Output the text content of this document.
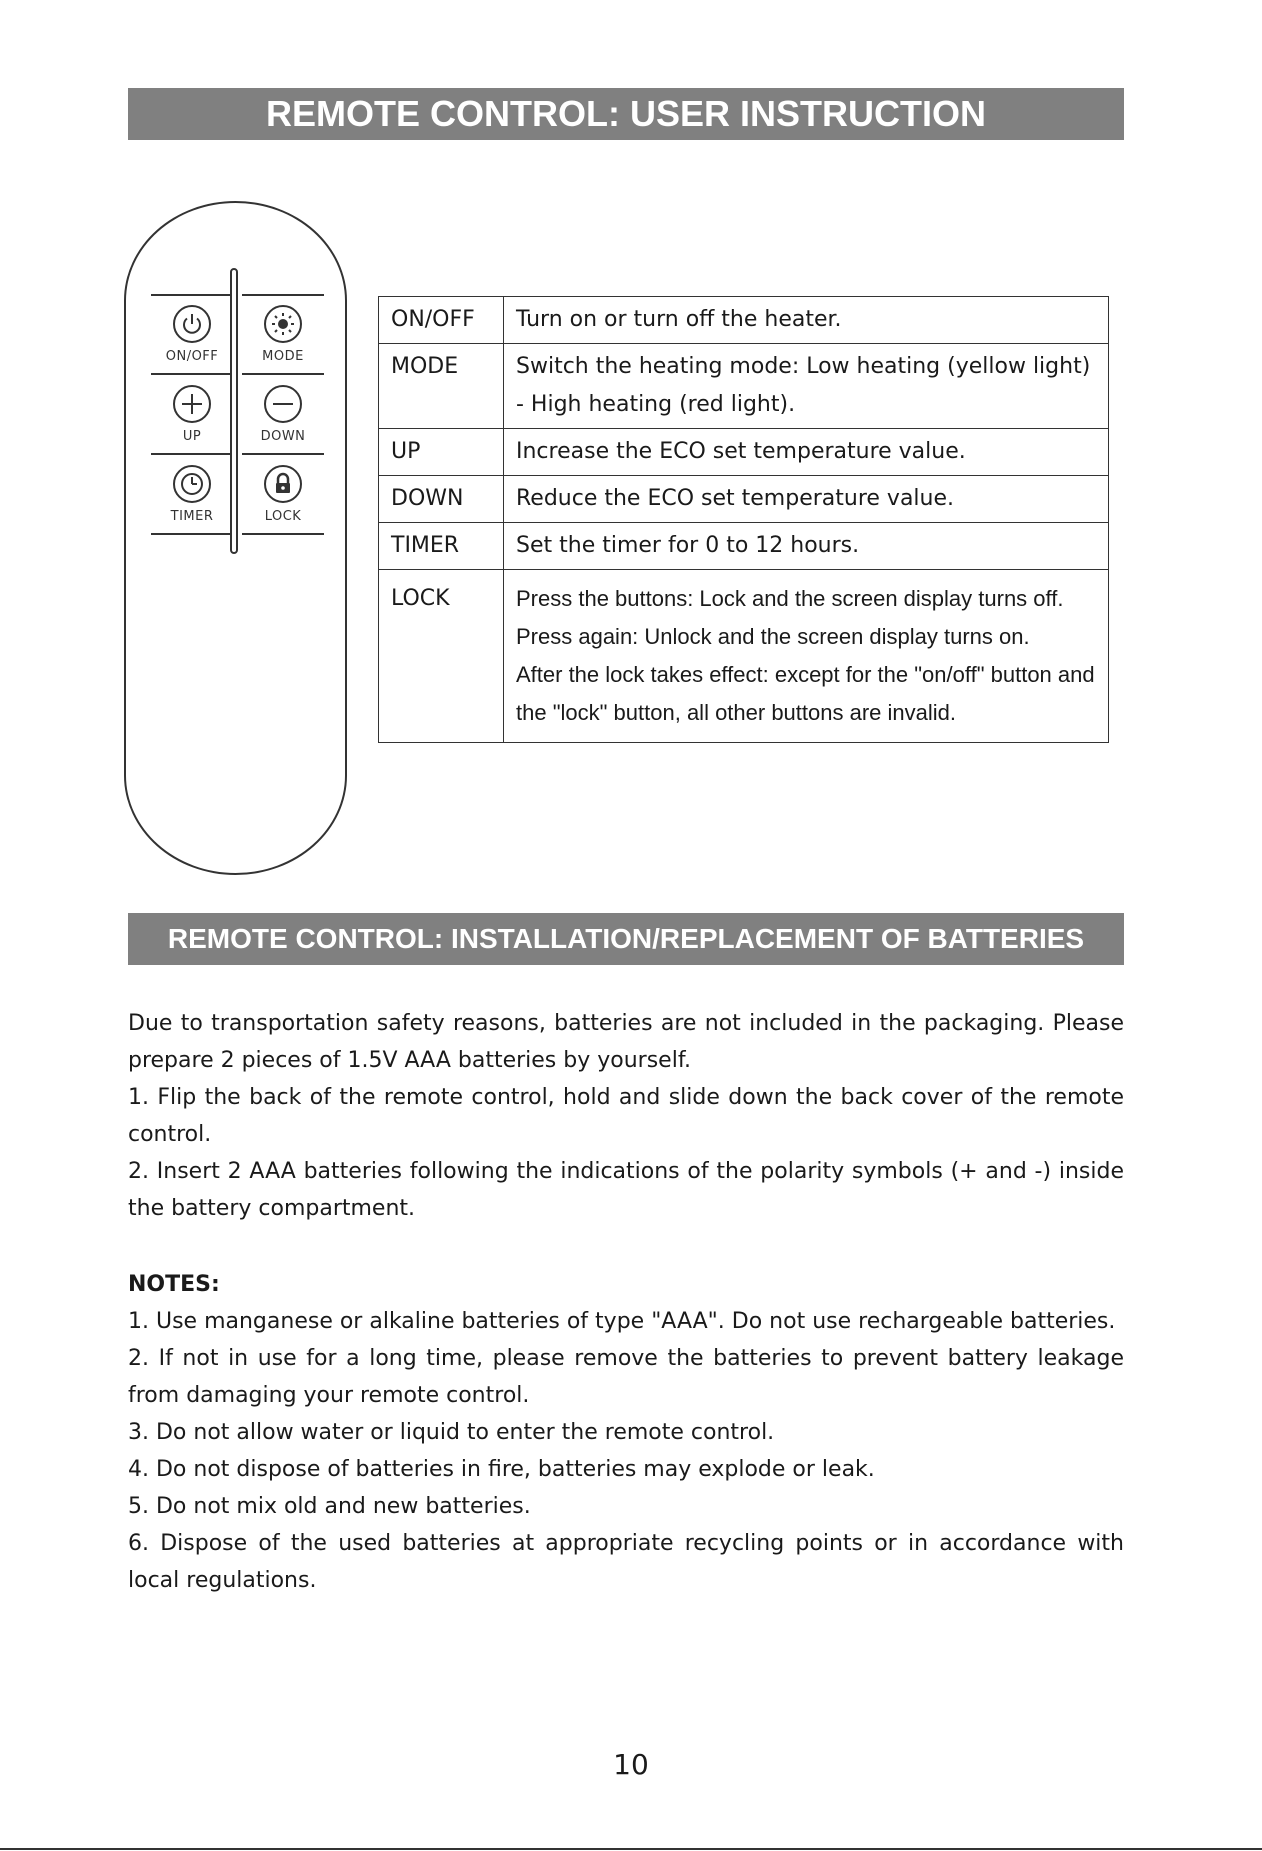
REMOTE CONTROL: USER INSTRUCTION
ON/OFF	MODE
UP	DOWN
TIMER	LOCK
ON/OFF	Turn on or turn off the heater.
MODE	Switch the heating mode: Low heating (yellow light) - High heating (red light).
UP	Increase the ECO set temperature value.
DOWN	Reduce the ECO set temperature value.
TIMER	Set the timer for 0 to 12 hours.
LOCK	Press the buttons: Lock and the screen display turns off.
Press again: Unlock and the screen display turns on.
After the lock takes effect: except for the "on/off" button and the "lock" button, all other buttons are invalid.
REMOTE CONTROL: INSTALLATION/REPLACEMENT OF BATTERIES

Due to transportation safety reasons, batteries are not included in the packaging. Please prepare 2 pieces of 1.5V AAA batteries by yourself.

1. Flip the back of the remote control, hold and slide down the back cover of the remote control.

2. Insert 2 AAA batteries following the indications of the polarity symbols (+ and -) inside the battery compartment.

NOTES:

1. Use manganese or alkaline batteries of type "AAA". Do not use rechargeable batteries.

2. If not in use for a long time, please remove the batteries to prevent battery leakage from damaging your remote control.

3. Do not allow water or liquid to enter the remote control.

4. Do not dispose of batteries in fire, batteries may explode or leak.

5. Do not mix old and new batteries.

6. Dispose of the used batteries at appropriate recycling points or in accordance with local regulations.

10
